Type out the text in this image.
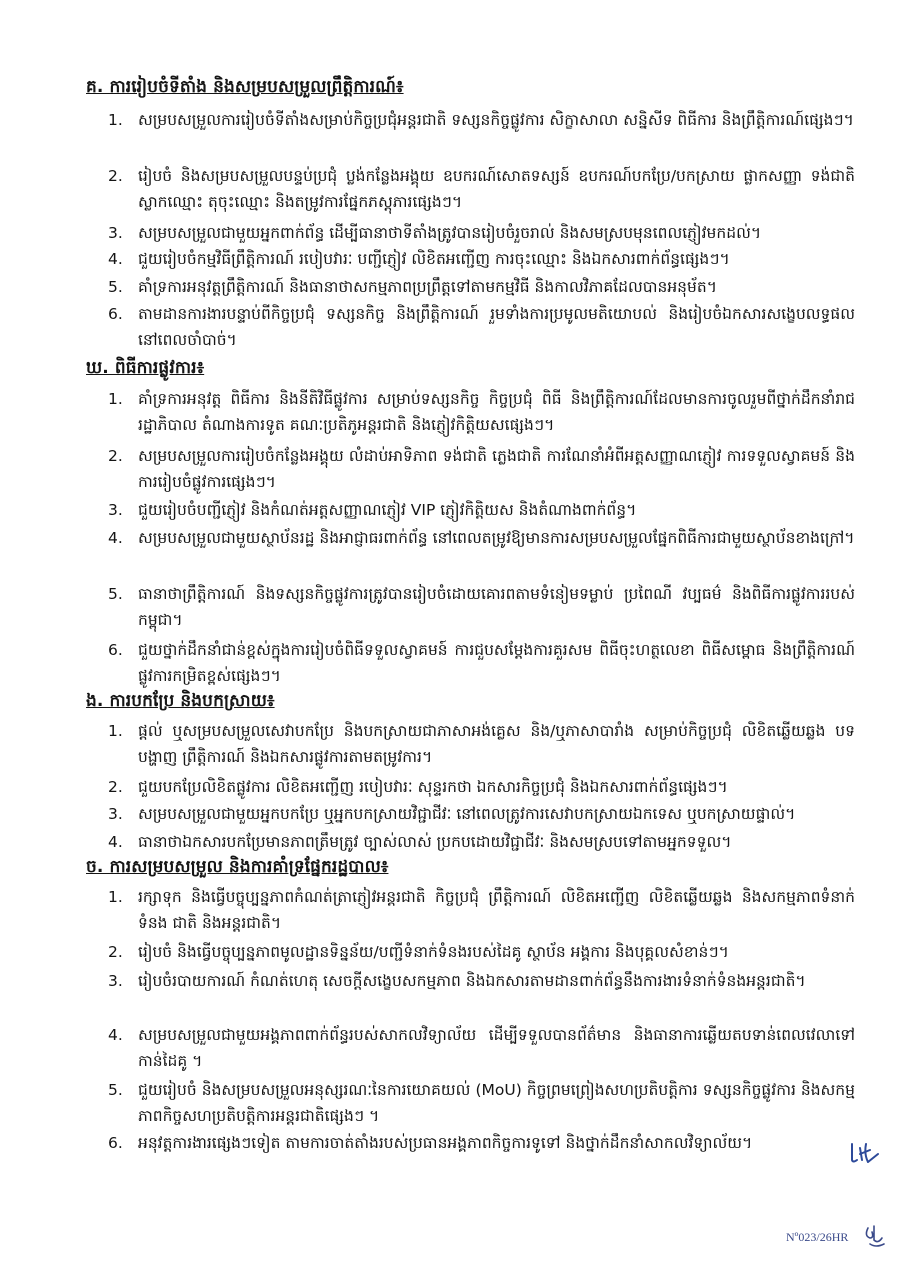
គ. ការរៀបចំទីតាំង និងសម្របសម្រួលព្រឹត្តិការណ៍៖
1. សម្របសម្រួលការរៀបចំទីតាំងសម្រាប់កិច្ចប្រជុំអន្តរជាតិ ទស្សនកិច្ចផ្លូវការ សិក្ខាសាលា សន្និសីទ ពិធីការ និងព្រឹត្តិការណ៍ផ្សេងៗ។
2. រៀបចំ និងសម្របសម្រួលបន្ទប់ប្រជុំ ប្លង់កន្លែងអង្គុយ ឧបករណ៍សោតទស្សន៍ ឧបករណ៍បកប្រែ/បកស្រាយ ផ្លាកសញ្ញា ទង់ជាតិ ស្លាកឈ្មោះ តុចុះឈ្មោះ និងតម្រូវការផ្នែកភស្តុភារផ្សេងៗ។
3. សម្របសម្រួលជាមួយអ្នកពាក់ព័ន្ធ ដើម្បីធានាថាទីតាំងត្រូវបានរៀបចំរួចរាល់ និងសមស្របមុនពេលភ្ញៀវមកដល់។
4. ជួយរៀបចំកម្មវិធីព្រឹត្តិការណ៍ របៀបវារៈ បញ្ជីភ្ញៀវ លិខិតអញ្ជើញ ការចុះឈ្មោះ និងឯកសារពាក់ព័ន្ធផ្សេងៗ។
5. គាំទ្រការអនុវត្តព្រឹត្តិការណ៍ និងធានាថាសកម្មភាពប្រព្រឹត្តទៅតាមកម្មវិធី និងកាលវិភាគដែលបានអនុម័ត។
6. តាមដានការងារបន្ទាប់ពីកិច្ចប្រជុំ ទស្សនកិច្ច និងព្រឹត្តិការណ៍ រួមទាំងការប្រមូលមតិយោបល់ និងរៀបចំឯកសារសង្ខេបលទ្ធផលនៅពេលចាំបាច់។
ឃ. ពិធីការផ្លូវការ៖
1. គាំទ្រការអនុវត្ត ពិធីការ និងនីតិវិធីផ្លូវការ សម្រាប់ទស្សនកិច្ច កិច្ចប្រជុំ ពិធី និងព្រឹត្តិការណ៍ដែលមានការចូលរួមពីថ្នាក់ដឹកនាំរាជរដ្ឋាភិបាល តំណាងការទូត គណៈប្រតិភូអន្តរជាតិ និងភ្ញៀវកិត្តិយសផ្សេងៗ។
2. សម្របសម្រួលការរៀបចំកន្លែងអង្គុយ លំដាប់អាទិភាព ទង់ជាតិ ភ្លេងជាតិ ការណែនាំអំពីអត្តសញ្ញាណភ្ញៀវ ការទទួលស្វាគមន៍ និងការរៀបចំផ្លូវការផ្សេងៗ។
3. ជួយរៀបចំបញ្ជីភ្ញៀវ និងកំណត់អត្តសញ្ញាណភ្ញៀវ VIP ភ្ញៀវកិត្តិយស និងតំណាងពាក់ព័ន្ធ។
4. សម្របសម្រួលជាមួយស្ថាប័នរដ្ឋ និងអាជ្ញាធរពាក់ព័ន្ធ នៅពេលតម្រូវឱ្យមានការសម្របសម្រួលផ្នែកពិធីការជាមួយស្ថាប័នខាងក្រៅ។
5. ធានាថាព្រឹត្តិការណ៍ និងទស្សនកិច្ចផ្លូវការត្រូវបានរៀបចំដោយគោរពតាមទំនៀមទម្លាប់ ប្រពៃណី វប្បធម៌ និងពិធីការផ្លូវការរបស់កម្ពុជា។
6. ជួយថ្នាក់ដឹកនាំជាន់ខ្ពស់ក្នុងការរៀបចំពិធីទទួលស្វាគមន៍ ការជួបសម្ដែងការគួរសម ពិធីចុះហត្ថលេខា ពិធីសម្ពោធ និងព្រឹត្តិការណ៍ផ្លូវការកម្រិតខ្ពស់ផ្សេងៗ។
ង. ការបកប្រែ និងបកស្រាយ៖
1. ផ្ដល់ ឬសម្របសម្រួលសេវាបកប្រែ និងបកស្រាយជាភាសាអង់គ្លេស និង/ឬភាសាបារាំង សម្រាប់កិច្ចប្រជុំ លិខិតឆ្លើយឆ្លង បទបង្ហាញ ព្រឹត្តិការណ៍ និងឯកសារផ្លូវការតាមតម្រូវការ។
2. ជួយបកប្រែលិខិតផ្លូវការ លិខិតអញ្ជើញ របៀបវារៈ សុន្ទរកថា ឯកសារកិច្ចប្រជុំ និងឯកសារពាក់ព័ន្ធផ្សេងៗ។
3. សម្របសម្រួលជាមួយអ្នកបកប្រែ ឬអ្នកបកស្រាយវិជ្ជាជីវៈ នៅពេលត្រូវការសេវាបកស្រាយឯកទេស ឬបកស្រាយផ្ទាល់។
4. ធានាថាឯកសារបកប្រែមានភាពត្រឹមត្រូវ ច្បាស់លាស់ ប្រកបដោយវិជ្ជាជីវៈ និងសមស្របទៅតាមអ្នកទទួល។
ច. ការសម្របសម្រួល និងការគាំទ្រផ្នែករដ្ឋបាល៖
1. រក្សាទុក និងធ្វើបច្ចុប្បន្នភាពកំណត់ត្រាភ្ញៀវអន្តរជាតិ កិច្ចប្រជុំ ព្រឹត្តិការណ៍ លិខិតអញ្ជើញ លិខិតឆ្លើយឆ្លង និងសកម្មភាពទំនាក់ទំនង ជាតិ និងអន្តរជាតិ។
2. រៀបចំ និងធ្វើបច្ចុប្បន្នភាពមូលដ្ឋានទិន្នន័យ/បញ្ជីទំនាក់ទំនងរបស់ដៃគូ ស្ថាប័ន អង្គការ និងបុគ្គលសំខាន់ៗ។
3. រៀបចំរបាយការណ៍ កំណត់ហេតុ សេចក្ដីសង្ខេបសកម្មភាព និងឯកសារតាមដានពាក់ព័ន្ធនឹងការងារទំនាក់ទំនងអន្តរជាតិ។
4. សម្របសម្រួលជាមួយអង្គភាពពាក់ព័ន្ធរបស់សាកលវិទ្យាល័យ ដើម្បីទទួលបានព័ត៌មាន និងធានាការឆ្លើយតបទាន់ពេលវេលាទៅកាន់ដៃគូ ។
5. ជួយរៀបចំ និងសម្របសម្រួលអនុស្សរណៈនៃការយោគយល់ (MoU) កិច្ចព្រមព្រៀងសហប្រតិបត្តិការ ទស្សនកិច្ចផ្លូវការ និងសកម្មភាពកិច្ចសហប្រតិបត្តិការអន្តរជាតិផ្សេងៗ ។
6. អនុវត្តការងារផ្សេងៗទៀត តាមការចាត់តាំងរបស់ប្រធានអង្គភាពកិច្ចការទូទៅ និងថ្នាក់ដឹកនាំសាកលវិទ្យាល័យ។
Nº023/26HR
